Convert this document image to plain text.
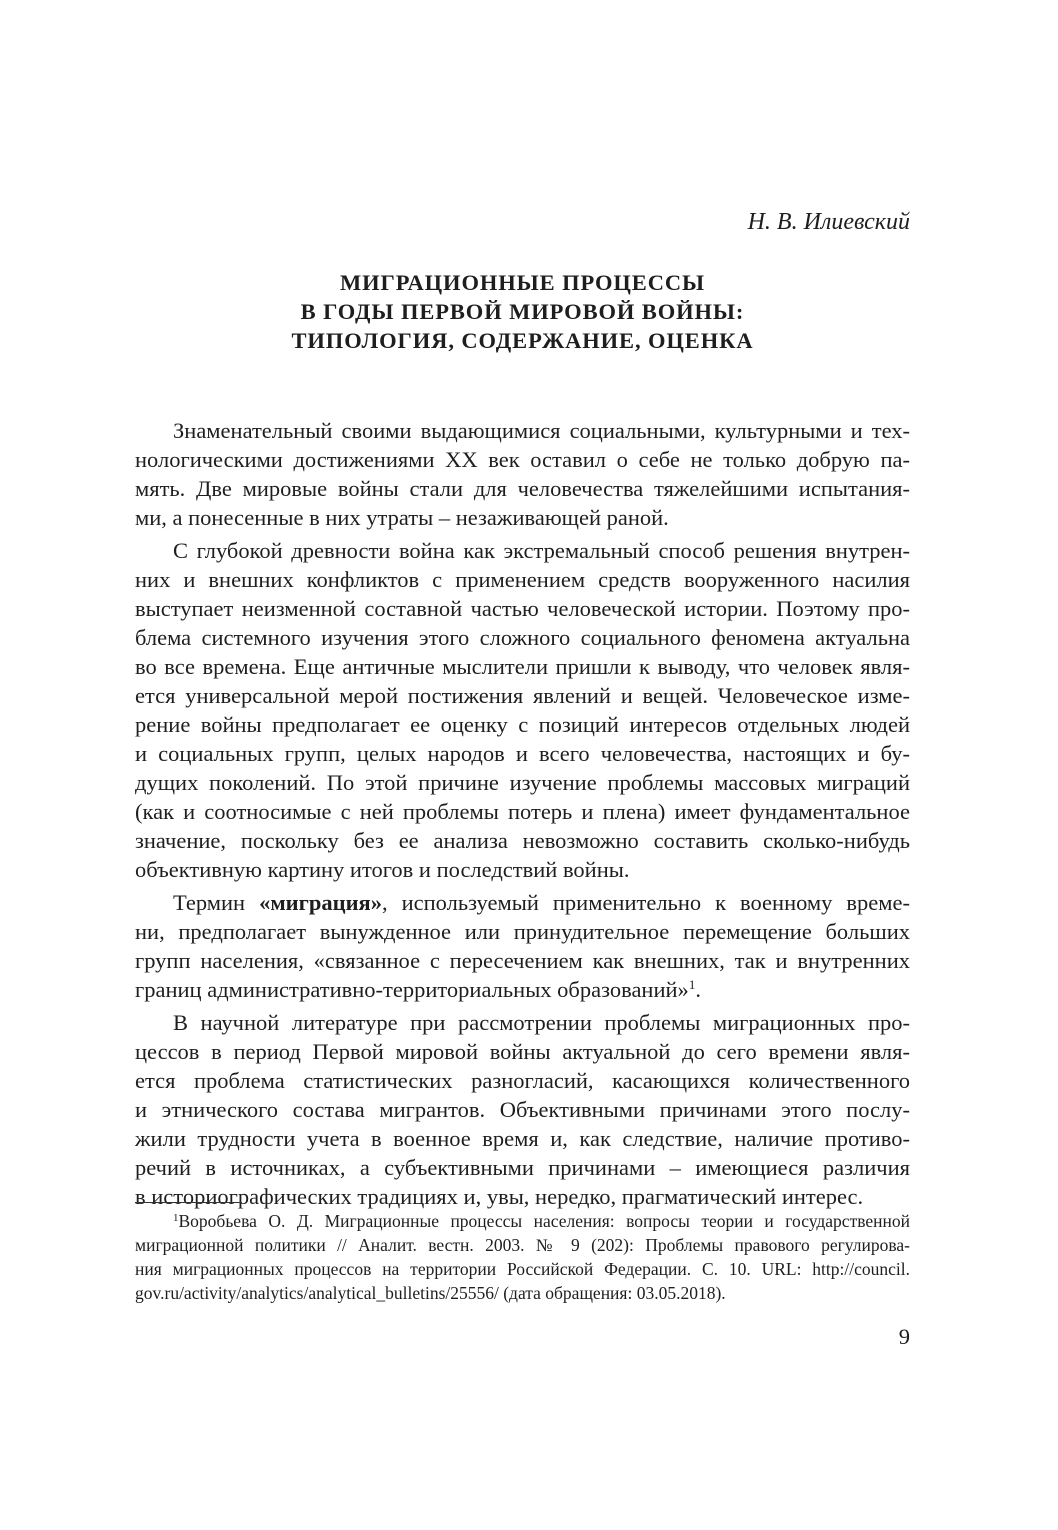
Н. В. Илиевский
МИГРАЦИОННЫЕ ПРОЦЕССЫ
В ГОДЫ ПЕРВОЙ МИРОВОЙ ВОЙНЫ:
ТИПОЛОГИЯ, СОДЕРЖАНИЕ, ОЦЕНКА
Знаменательный своими выдающимися социальными, культурными и тех-
нологическими достижениями XX век оставил о себе не только добрую па-
мять. Две мировые войны стали для человечества тяжелейшими испытания-
ми, а понесенные в них утраты – незаживающей раной.
С глубокой древности война как экстремальный способ решения внутрен-
них и внешних конфликтов с применением средств вооруженного насилия
выступает неизменной составной частью человеческой истории. Поэтому про-
блема системного изучения этого сложного социального феномена актуальна
во все времена. Еще античные мыслители пришли к выводу, что человек явля-
ется универсальной мерой постижения явлений и вещей. Человеческое изме-
рение войны предполагает ее оценку с позиций интересов отдельных людей
и социальных групп, целых народов и всего человечества, настоящих и бу-
дущих поколений. По этой причине изучение проблемы массовых миграций
(как и соотносимые с ней проблемы потерь и плена) имеет фундаментальное
значение, поскольку без ее анализа невозможно составить сколько-нибудь
объективную картину итогов и последствий войны.
Термин «миграция», используемый применительно к военному време-
ни, предполагает вынужденное или принудительное перемещение больших
групп населения, «связанное с пересечением как внешних, так и внутренних
границ административно-территориальных образований»$^1$.
В научной литературе при рассмотрении проблемы миграционных про-
цессов в период Первой мировой войны актуальной до сего времени явля-
ется проблема статистических разногласий, касающихся количественного
и этнического состава мигрантов. Объективными причинами этого послу-
жили трудности учета в военное время и, как следствие, наличие противо-
речий в источниках, а субъективными причинами – имеющиеся различия
в историографических традициях и, увы, нередко, прагматический интерес.
$^1$Воробьева О. Д. Миграционные процессы населения: вопросы теории и государственной
миграционной политики // Аналит. вестн. 2003. № 9 (202): Проблемы правового регулирова-
ния миграционных процессов на территории Российской Федерации. С. 10. URL: http://council.
gov.ru/activity/analytics/analytical_bulletins/25556/ (дата обращения: 03.05.2018).
9
